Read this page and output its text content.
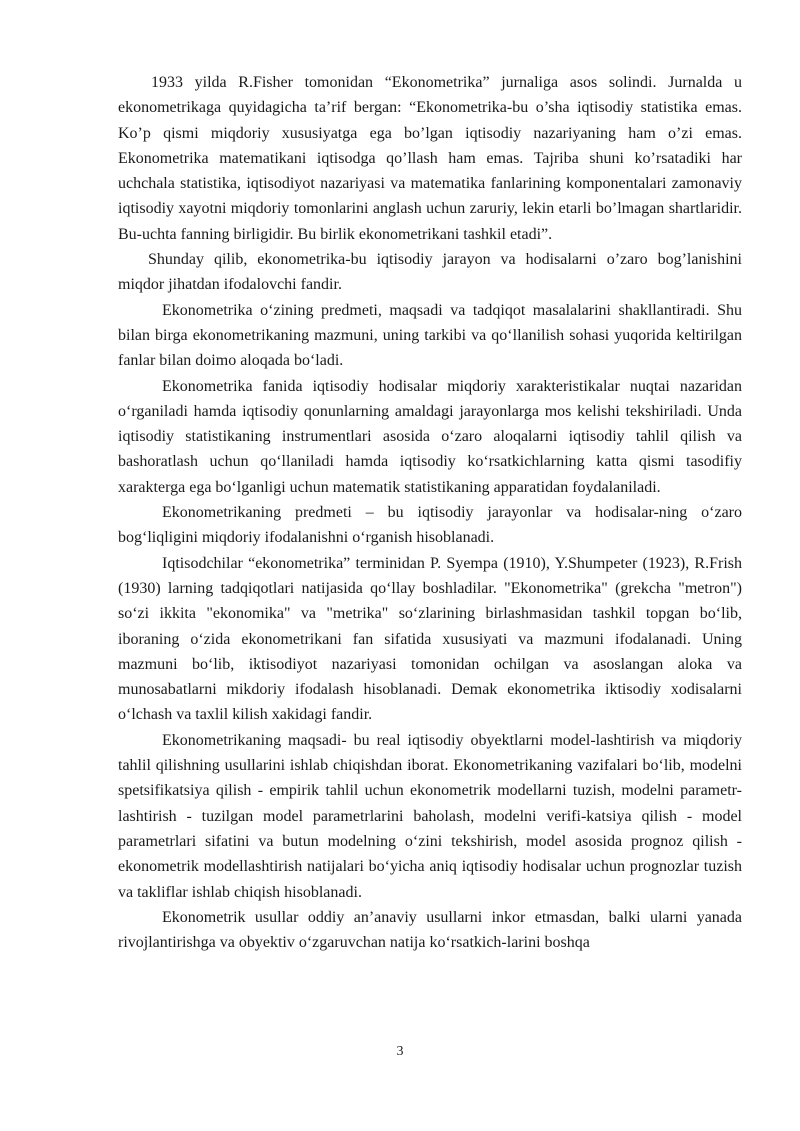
1933 yilda R.Fisher tomonidan “Ekonometrika” jurnaliga asos solindi. Jurnalda u ekonometrikaga quyidagicha ta’rif bergan: “Ekonometrika-bu o’sha iqtisodiy statistika emas. Ko’p qismi miqdoriy xususiyatga ega bo’lgan iqtisodiy nazariyaning ham o’zi emas. Ekonometrika matematikani iqtisodga qo’llash ham emas. Tajriba shuni ko’rsatadiki har uchchala statistika, iqtisodiyot nazariyasi va matematika fanlarining komponentalari zamonaviy iqtisodiy xayotni miqdoriy tomonlarini anglash uchun zaruriy, lekin etarli bo’lmagan shartlaridir. Bu-uchta fanning birligidir. Bu birlik ekonometrikani tashkil etadi”.

Shunday qilib, ekonometrika-bu iqtisodiy jarayon va hodisalarni o’zaro bog’lanishini miqdor jihatdan ifodalovchi fandir.

Ekonometrika o‘zining predmeti, maqsadi va tadqiqot masalalarini shakllantiradi. Shu bilan birga ekonometrikaning mazmuni, uning tarkibi va qo‘llanilish sohasi yuqorida keltirilgan fanlar bilan doimo aloqada bo‘ladi.

Ekonometrika fanida iqtisodiy hodisalar miqdoriy xarakteristikalar nuqtai nazaridan o‘rganiladi hamda iqtisodiy qonunlarning amaldagi jarayonlarga mos kelishi tekshiriladi. Unda iqtisodiy statistikaning instrumentlari asosida o‘zaro aloqalarni iqtisodiy tahlil qilish va bashoratlash uchun qo‘llaniladi hamda iqtisodiy ko‘rsatkichlarning katta qismi tasodifiy xarakterga ega bo‘lganligi uchun matematik statistikaning apparatidan foydalaniladi.

Ekonometrikaning predmeti – bu iqtisodiy jarayonlar va hodisalar-ning o‘zaro bog‘liqligini miqdoriy ifodalanishni o‘rganish hisoblanadi.

Iqtisodchilar “ekonometrika” terminidan P. Syempa (1910), Y.Shumpeter (1923), R.Frish (1930) larning tadqiqotlari natijasida qo‘llay boshladilar. "Ekonometrika" (grekcha "metron") so‘zi ikkita "ekonomika" va "metrika" so‘zlarining birlashmasidan tashkil topgan bo‘lib, iboraning o‘zida ekonometrikani fan sifatida xususiyati va mazmuni ifodalanadi. Uning mazmuni bo‘lib, iktisodiyot nazariyasi tomonidan ochilgan va asoslangan aloka va munosabatlarni mikdoriy ifodalash hisoblanadi. Demak ekonometrika iktisodiy xodisalarni o‘lchash va taxlil kilish xakidagi fandir.

Ekonometrikaning maqsadi- bu real iqtisodiy obyektlarni model-lashtirish va miqdoriy tahlil qilishning usullarini ishlab chiqishdan iborat. Ekonometrikaning vazifalari bo‘lib, modelni spetsifikatsiya qilish - empirik tahlil uchun ekonometrik modellarni tuzish, modelni parametr-lashtirish - tuzilgan model parametrlarini baholash, modelni verifi-katsiya qilish - model parametrlari sifatini va butun modelning o‘zini tekshirish, model asosida prognoz qilish - ekonometrik modellashtirish natijalari bo‘yicha aniq iqtisodiy hodisalar uchun prognozlar tuzish va takliflar ishlab chiqish hisoblanadi.

Ekonometrik usullar oddiy an’anaviy usullarni inkor etmasdan, balki ularni yanada rivojlantirishga va obyektiv o‘zgaruvchan natija ko‘rsatkich-larini boshqa

3
